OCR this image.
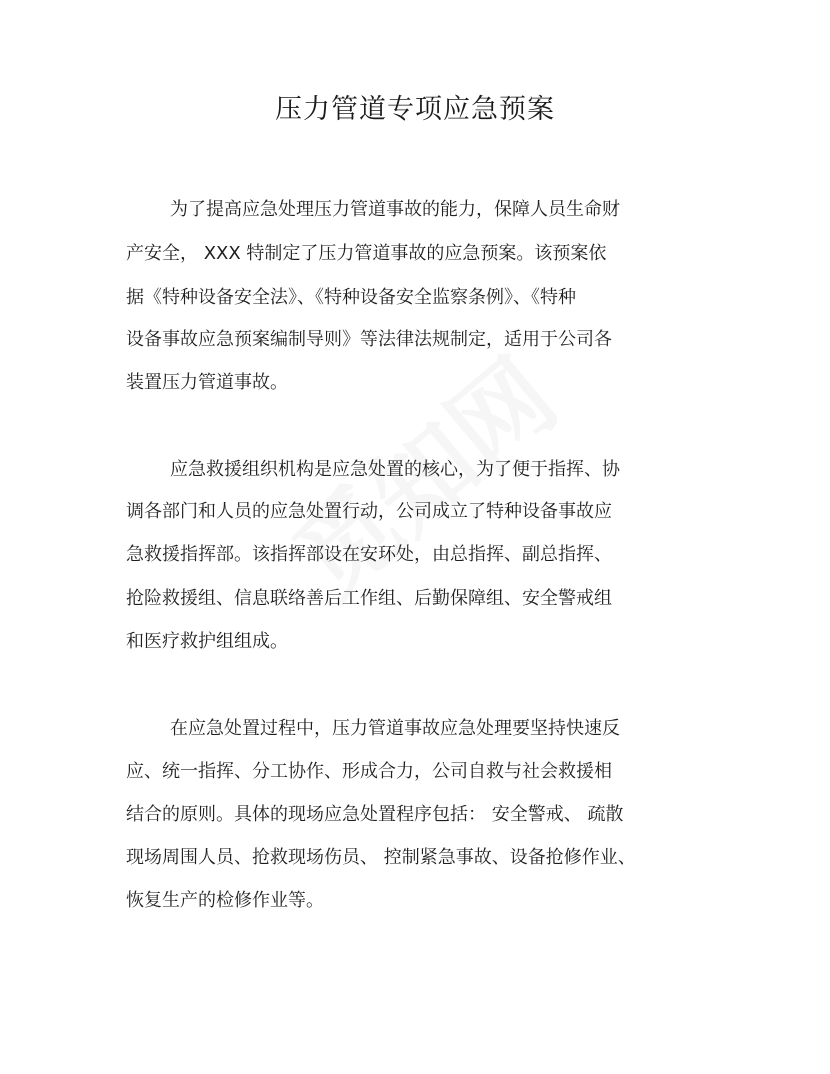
压力管道专项应急预案

为了提高应急处理压力管道事故的能力，保障人员生命财

产安全， XXX 特制定了压力管道事故的应急预案。该预案依

据《特种设备安全法》、《特种设备安全监察条例》、《特种

设备事故应急预案编制导则》等法律法规制定，适用于公司各

装置压力管道事故。

应急救援组织机构是应急处置的核心，为了便于指挥、协

调各部门和人员的应急处置行动，公司成立了特种设备事故应

急救援指挥部。该指挥部设在安环处，由总指挥、副总指挥、

抢险救援组、信息联络善后工作组、后勤保障组、安全警戒组

和医疗救护组组成。

在应急处置过程中，压力管道事故应急处理要坚持快速反

应、统一指挥、分工协作、形成合力，公司自救与社会救援相

结合的原则。具体的现场应急处置程序包括： 安全警戒、 疏散

现场周围人员、抢救现场伤员、 控制紧急事故、设备抢修作业、

恢复生产的检修作业等。
